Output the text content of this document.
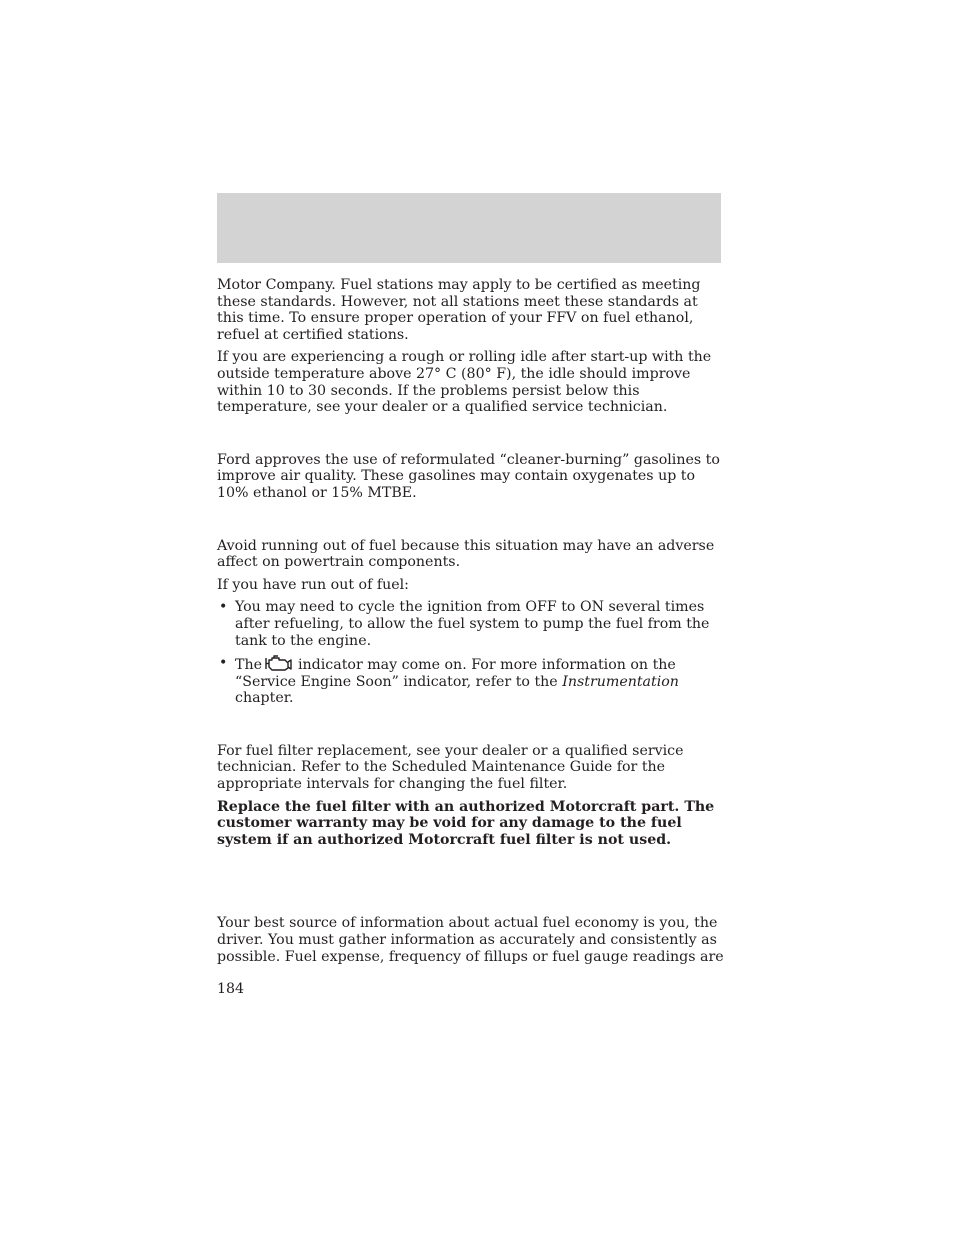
Motor Company. Fuel stations may apply to be certified as meeting these standards. However, not all stations meet these standards at this time. To ensure proper operation of your FFV on fuel ethanol, refuel at certified stations.

If you are experiencing a rough or rolling idle after start-up with the outside temperature above 27° C (80° F), the idle should improve within 10 to 30 seconds. If the problems persist below this temperature, see your dealer or a qualified service technician.

Ford approves the use of reformulated “cleaner-burning” gasolines to improve air quality. These gasolines may contain oxygenates up to 10% ethanol or 15% MTBE.

Avoid running out of fuel because this situation may have an adverse affect on powertrain components.

If you have run out of fuel:

• You may need to cycle the ignition from OFF to ON several times after refueling, to allow the fuel system to pump the fuel from the tank to the engine.
• The	indicator may come on. For more information on the “Service Engine Soon” indicator, refer to the Instrumentation chapter.

For fuel filter replacement, see your dealer or a qualified service technician. Refer to the Scheduled Maintenance Guide for the appropriate intervals for changing the fuel filter.

Replace the fuel filter with an authorized Motorcraft part. The customer warranty may be void for any damage to the fuel system if an authorized Motorcraft fuel filter is not used.

Your best source of information about actual fuel economy is you, the driver. You must gather information as accurately and consistently as possible. Fuel expense, frequency of fillups or fuel gauge readings are

184
